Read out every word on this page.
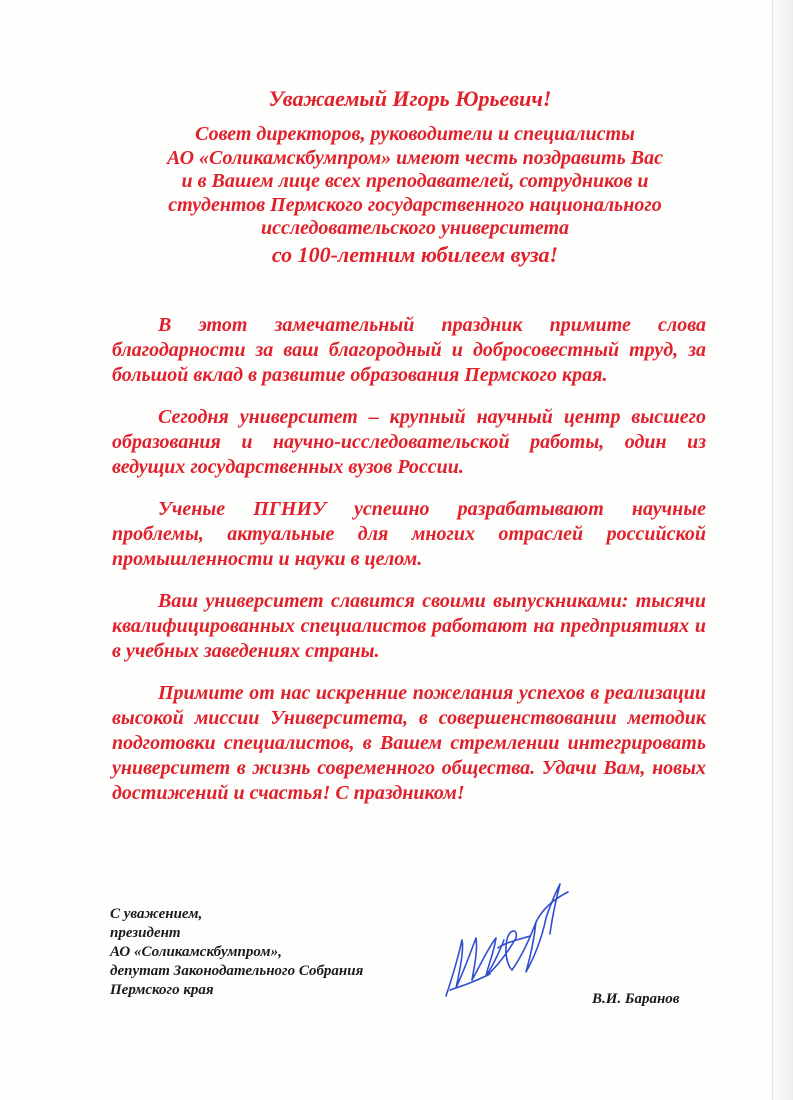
Уважаемый Игорь Юрьевич!
Совет директоров, руководители и специалисты
АО «Соликамскбумпром» имеют честь поздравить Вас
и в Вашем лице всех преподавателей, сотрудников и
студентов Пермского государственного национального
исследовательского университета
со 100-летним юбилеем вуза!

В этот замечательный праздник примите слова благодарности за ваш благородный и добросовестный труд, за большой вклад в развитие образования Пермского края.

Сегодня университет – крупный научный центр высшего образования и научно-исследовательской работы, один из ведущих государственных вузов России.

Ученые ПГНИУ успешно разрабатывают научные проблемы, актуальные для многих отраслей российской промышленности и науки в целом.

Ваш университет славится своими выпускниками: тысячи квалифицированных специалистов работают на предприятиях и в учебных заведениях страны.

Примите от нас искренние пожелания успехов в реализации высокой миссии Университета, в совершенствовании методик подготовки специалистов, в Вашем стремлении интегрировать университет в жизнь современного общества. Удачи Вам, новых достижений и счастья! С праздником!

С уважением,
президент
АО «Соликамскбумпром»,
депутат Законодательного Собрания
Пермского края
В.И. Баранов
